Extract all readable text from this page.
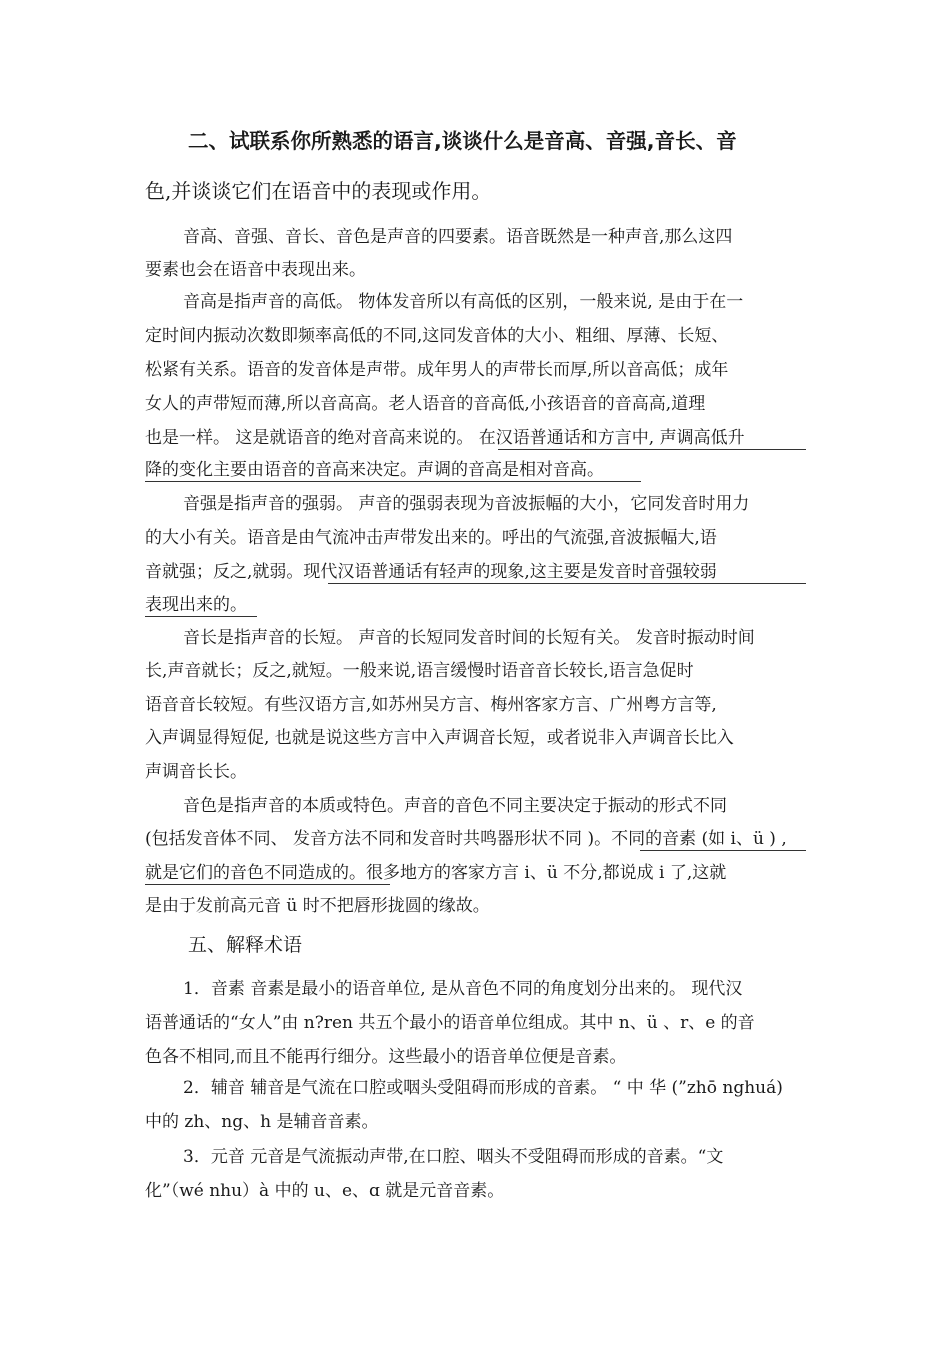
二、试联系你所熟悉的语言,谈谈什么是音高、音强,音长、音
色,并谈谈它们在语音中的表现或作用。
音高、音强、音长、音色是声音的四要素。语音既然是一种声音,那么这四
要素也会在语音中表现出来。
音高是指声音的高低。 物体发音所以有高低的区别，一般来说, 是由于在一
定时间内振动次数即频率高低的不同,这同发音体的大小、粗细、厚薄、长短、
松紧有关系。语音的发音体是声带。成年男人的声带长而厚,所以音高低；成年
女人的声带短而薄,所以音高高。老人语音的音高低,小孩语音的音高高,道理
也是一样。 这是就语音的绝对音高来说的。 在汉语普通话和方言中, 声调高低升
降的变化主要由语音的音高来决定。声调的音高是相对音高。
音强是指声音的强弱。 声音的强弱表现为音波振幅的大小，它同发音时用力
的大小有关。语音是由气流冲击声带发出来的。呼出的气流强,音波振幅大,语
音就强；反之,就弱。现代汉语普通话有轻声的现象,这主要是发音时音强较弱
表现出来的。
音长是指声音的长短。 声音的长短同发音时间的长短有关。 发音时振动时间
长,声音就长；反之,就短。一般来说,语言缓慢时语音音长较长,语言急促时
语音音长较短。有些汉语方言,如苏州吴方言、梅州客家方言、广州粤方言等,
入声调显得短促, 也就是说这些方言中入声调音长短，或者说非入声调音长比入
声调音长长。
音色是指声音的本质或特色。声音的音色不同主要决定于振动的形式不同
(包括发音体不同、 发音方法不同和发音时共鸣器形状不同 )。不同的音素 (如 i、ü ) ,
就是它们的音色不同造成的。很多地方的客家方言 i、ü 不分,都说成 i 了,这就
是由于发前高元音 ü 时不把唇形拢圆的缘故。
五、解释术语
1．音素 音素是最小的语音单位, 是从音色不同的角度划分出来的。 现代汉
语普通话的“女人”由 n?ren 共五个最小的语音单位组成。其中 n、ü 、r、e 的音
色各不相同,而且不能再行细分。这些最小的语音单位便是音素。
2．辅音 辅音是气流在口腔或咽头受阻碍而形成的音素。 “ 中 华 (”zhō nghuá)
中的 zh、ng、h 是辅音音素。
3．元音 元音是气流振动声带,在口腔、咽头不受阻碍而形成的音素。“文
化”（wé nhu）à 中的 u、e、ɑ 就是元音音素。
